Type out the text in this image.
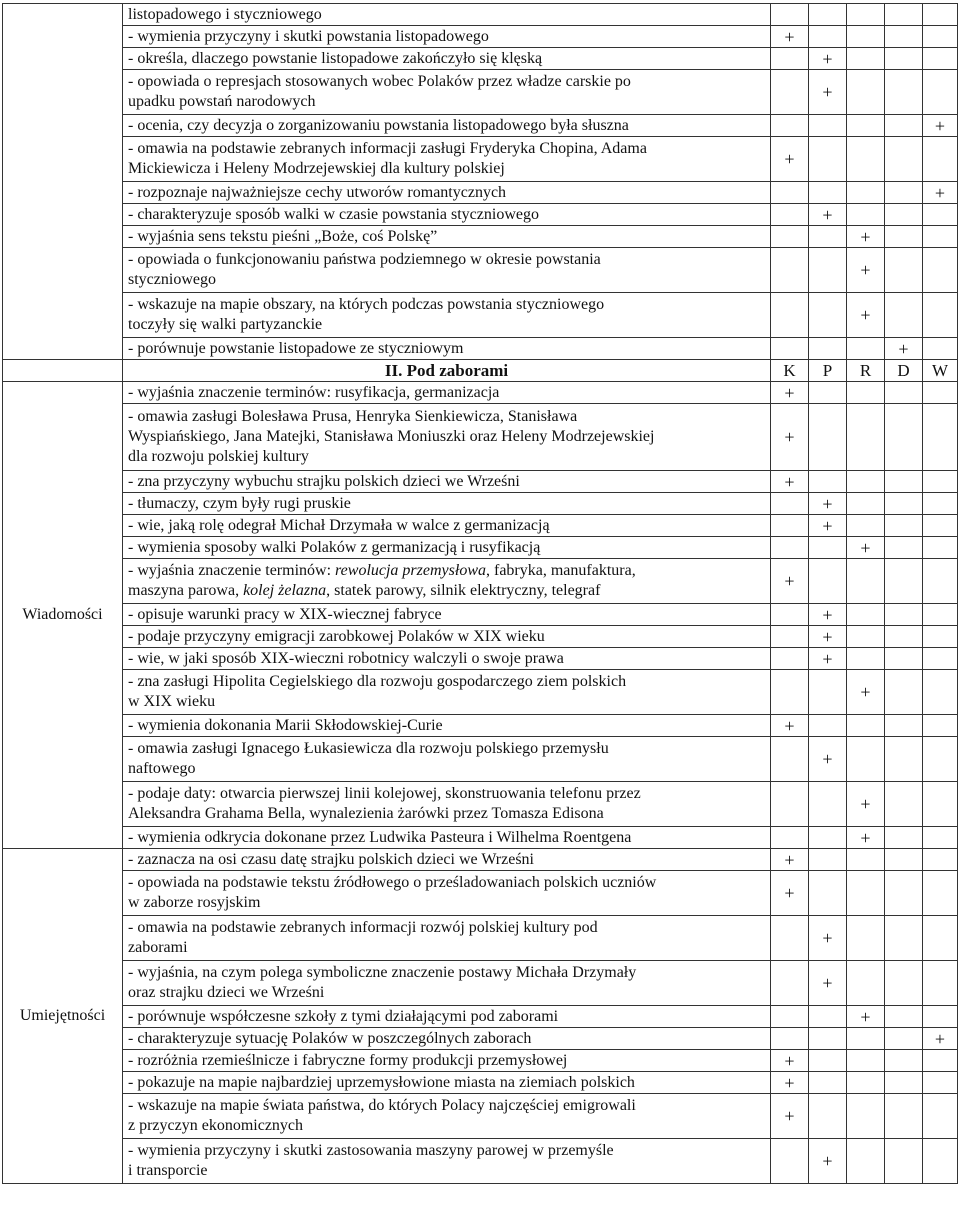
	listopadowego i styczniowego					

	- wymienia przyczyny i skutki powstania listopadowego	+				

	- określa, dlaczego powstanie listopadowe zakończyło się klęską		+			

	- opowiada o represjach stosowanych wobec Polaków przez władze carskie po
upadku powstań narodowych		+			

	- ocenia, czy decyzja o zorganizowaniu powstania listopadowego była słuszna					+

	- omawia na podstawie zebranych informacji zasługi Fryderyka Chopina, Adama
Mickiewicza i Heleny Modrzejewskiej dla kultury polskiej	+				

	- rozpoznaje najważniejsze cechy utworów romantycznych					+

	- charakteryzuje sposób walki w czasie powstania styczniowego		+			

	- wyjaśnia sens tekstu pieśni „Boże, coś Polskę”			+		

	- opowiada o funkcjonowaniu państwa podziemnego w okresie powstania
styczniowego			+		

	- wskazuje na mapie obszary, na których podczas powstania styczniowego
toczyły się walki partyzanckie			+		

	- porównuje powstanie listopadowe ze styczniowym				+	
	II. Pod zaborami	K	P	R	D	W
Wiadomości	- wyjaśnia znaczenie terminów: rusyfikacja, germanizacja	+				

	- omawia zasługi Bolesława Prusa, Henryka Sienkiewicza, Stanisława
Wyspiańskiego, Jana Matejki, Stanisława Moniuszki oraz Heleny Modrzejewskiej
dla rozwoju polskiej kultury	+				

	- zna przyczyny wybuchu strajku polskich dzieci we Wrześni	+				

	- tłumaczy, czym były rugi pruskie		+			

	- wie, jaką rolę odegrał Michał Drzymała w walce z germanizacją		+			

	- wymienia sposoby walki Polaków z germanizacją i rusyfikacją			+		

	- wyjaśnia znaczenie terminów: rewolucja przemysłowa, fabryka, manufaktura,
maszyna parowa, kolej żelazna, statek parowy, silnik elektryczny, telegraf	+				

	- opisuje warunki pracy w XIX-wiecznej fabryce		+			

	- podaje przyczyny emigracji zarobkowej Polaków w XIX wieku		+			

	- wie, w jaki sposób XIX-wieczni robotnicy walczyli o swoje prawa		+			

	- zna zasługi Hipolita Cegielskiego dla rozwoju gospodarczego ziem polskich
w XIX wieku			+		

	- wymienia dokonania Marii Skłodowskiej-Curie	+				

	- omawia zasługi Ignacego Łukasiewicza dla rozwoju polskiego przemysłu
naftowego		+			

	- podaje daty: otwarcia pierwszej linii kolejowej, skonstruowania telefonu przez
Aleksandra Grahama Bella, wynalezienia żarówki przez Tomasza Edisona			+		

	- wymienia odkrycia dokonane przez Ludwika Pasteura i Wilhelma Roentgena			+		
Umiejętności	- zaznacza na osi czasu datę strajku polskich dzieci we Wrześni	+				

	- opowiada na podstawie tekstu źródłowego o prześladowaniach polskich uczniów
w zaborze rosyjskim	+				

	- omawia na podstawie zebranych informacji rozwój polskiej kultury pod
zaborami		+			

	- wyjaśnia, na czym polega symboliczne znaczenie postawy Michała Drzymały
oraz strajku dzieci we Wrześni		+			

	- porównuje współczesne szkoły z tymi działającymi pod zaborami			+		

	- charakteryzuje sytuację Polaków w poszczególnych zaborach					+

	- rozróżnia rzemieślnicze i fabryczne formy produkcji przemysłowej	+				

	- pokazuje na mapie najbardziej uprzemysłowione miasta na ziemiach polskich	+				

	- wskazuje na mapie świata państwa, do których Polacy najczęściej emigrowali
z przyczyn ekonomicznych	+				

	- wymienia przyczyny i skutki zastosowania maszyny parowej w przemyśle
i transporcie		+			
